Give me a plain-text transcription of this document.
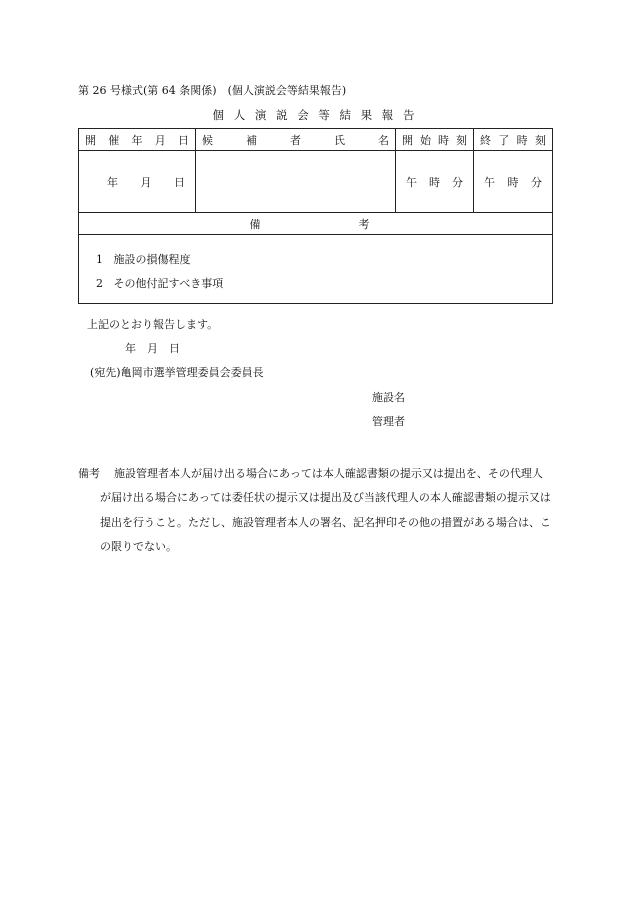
第 26 号様式(第 64 条関係)　(個人演説会等結果報告)
個 人 演 説 会 等 結 果 報 告
開 催 年 月 日	候 補 者 氏 名	開 始 時 刻	終 了 時 刻

年 月 日		午 時 分	午 時 分

備 考			

1 施設の損傷程度
2 その他付記すべき事項			
上記のとおり報告します。
年　月　日
(宛先)亀岡市選挙管理委員会委員長
施設名
管理者
備考	施設管理者本人が届け出る場合にあっては本人確認書類の提示又は提出を、その代理人が届け出る場合にあっては委任状の提示又は提出及び当該代理人の本人確認書類の提示又は提出を行うこと。ただし、施設管理者本人の署名、記名押印その他の措置がある場合は、この限りでない。
